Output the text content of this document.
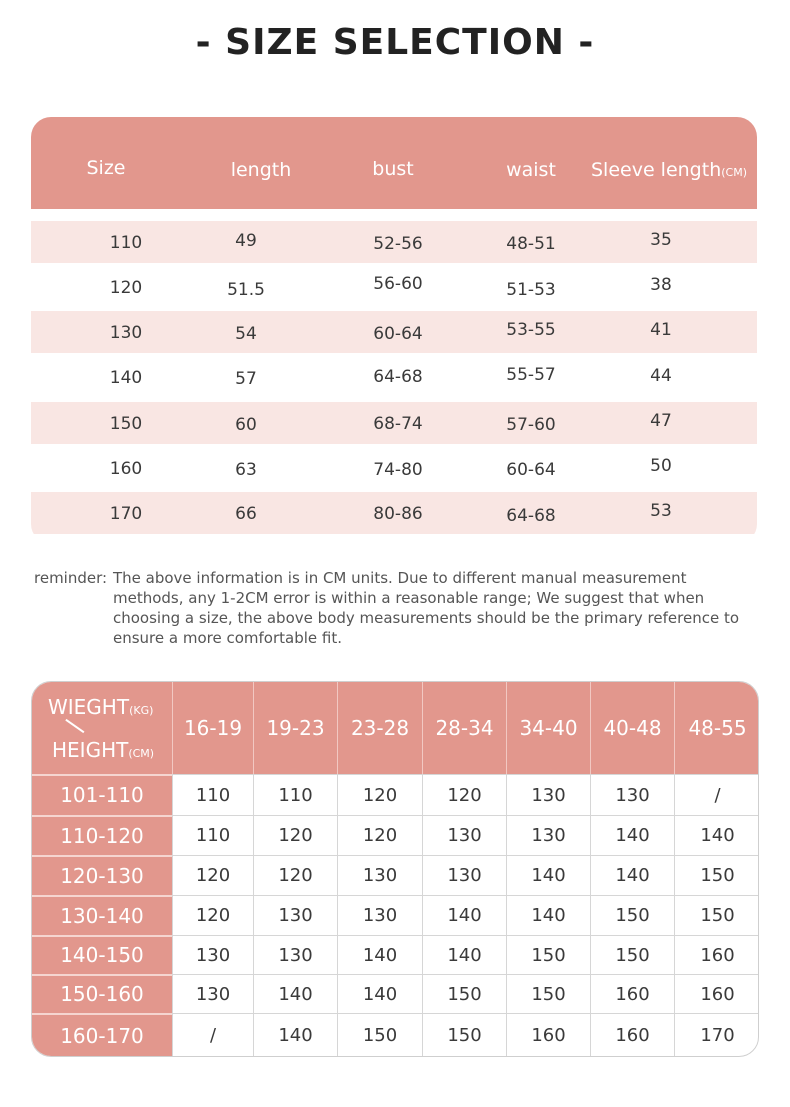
- SIZE SELECTION -
Size	length	bust	waist	Sleeve length(CM)
110	49	52-56	48-51	35
120	51.5	56-60	51-53	38
130	54	60-64	53-55	41
140	57	64-68	55-57	44
150	60	68-74	57-60	47
160	63	74-80	60-64	50
170	66	80-86	64-68	53
reminder: The above information is in CM units. Due to different manual measurement methods, any 1-2CM error is within a reasonable range; We suggest that when choosing a size, the above body measurements should be the primary reference to ensure a more comfortable fit.
WIEGHT(KG)
HEIGHT(CM)
16-19	19-23	23-28	28-34	34-40	40-48	48-55
101-110	110	110	120	120	130	130	/
110-120	110	120	120	130	130	140	140
120-130	120	120	130	130	140	140	150
130-140	120	130	130	140	140	150	150
140-150	130	130	140	140	150	150	160
150-160	130	140	140	150	150	160	160
160-170	/	140	150	150	160	160	170
